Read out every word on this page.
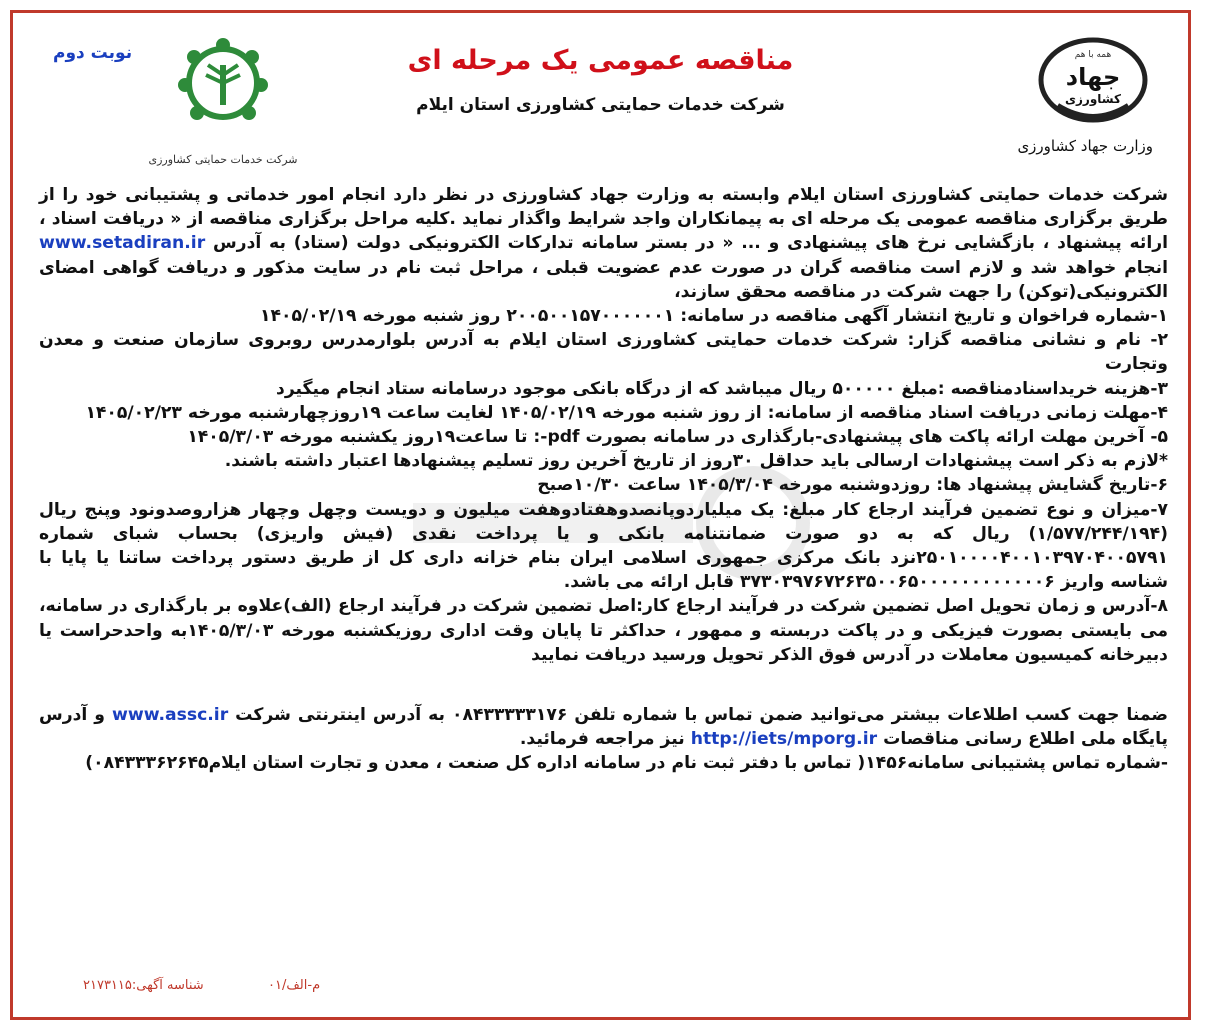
نوبت دوم
شرکت خدمات حمایتی کشاورزی
مناقصه عمومی یک مرحله ای
شرکت خدمات حمایتی کشاورزی استان ایلام
همه با هم
جهاد
کشاورزی
وزارت جهاد کشاورزی

شرکت خدمات حمایتی کشاورزی استان ایلام وابسته به وزارت جهاد کشاورزی در نظر دارد انجام امور خدماتی و پشتیبانی خود را از طریق برگزاری مناقصه عمومی یک مرحله ای به پیمانکاران واجد شرایط واگذار نماید .کلیه مراحل برگزاری مناقصه از « دریافت اسناد ، ارائه پیشنهاد ، بازگشایی نرخ های پیشنهادی و ... « در بستر سامانه تدارکات الکترونیکی دولت (ستاد) به آدرس www.setadiran.ir انجام خواهد شد و لازم است مناقصه گران در صورت عدم عضویت قبلی ، مراحل ثبت نام در سایت مذکور و دریافت گواهی امضای الکترونیکی(توکن) را جهت شرکت در مناقصه محقق سازند،

۱-شماره فراخوان و تاریخ انتشار آگهی مناقصه در سامانه: ۲۰۰۵۰۰۱۵۷۰۰۰۰۰۰۱ روز شنبه مورخه ۱۴۰۵/۰۲/۱۹

۲- نام و نشانی مناقصه گزار: شرکت خدمات حمایتی کشاورزی استان ایلام به آدرس بلوارمدرس روبروی سازمان صنعت و معدن وتجارت

۳-هزینه خریداسنادمناقصه :مبلغ ۵۰۰۰۰۰ ریال میباشد که از درگاه بانکی موجود درسامانه ستاد انجام میگیرد

۴-مهلت زمانی دریافت اسناد مناقصه از سامانه: از روز شنبه مورخه ۱۴۰۵/۰۲/۱۹ لغایت ساعت ۱۹روزچهارشنبه مورخه ۱۴۰۵/۰۲/۲۳

۵- آخرین مهلت ارائه پاکت های پیشنهادی-بارگذاری در سامانه بصورت pdf-: تا ساعت۱۹روز یکشنبه مورخه ۱۴۰۵/۳/۰۳

*لازم به ذکر است پیشنهادات ارسالی باید حداقل ۳۰روز از تاریخ آخرین روز تسلیم پیشنهادها اعتبار داشته باشند.

۶-تاریخ گشایش پیشنهاد ها: روزدوشنبه مورخه ۱۴۰۵/۳/۰۴ ساعت ۱۰/۳۰صبح

۷-میزان و نوع تضمین فرآیند ارجاع کار مبلغ: یک میلیاردوپانصدوهفتادوهفت میلیون و دویست وچهل وچهار هزاروصدونود وپنج ریال (۱/۵۷۷/۲۴۴/۱۹۴) ریال که به دو صورت ضمانتنامه بانکی و یا پرداخت نقدی (فیش واریزی) بحساب شبای شماره ۲۵۰۱۰۰۰۰۴۰۰۱۰۳۹۷۰۴۰۰۵۷۹۱نزد بانک مرکزی جمهوری اسلامی ایران بنام خزانه داری کل از طریق دستور پرداخت ساتنا یا پایا با شناسه واریز ۳۷۳۰۳۹۷۶۷۲۶۳۵۰۰۶۵۰۰۰۰۰۰۰۰۰۰۰۰۶ قابل ارائه می باشد.

۸-آدرس و زمان تحویل اصل تضمین شرکت در فرآیند ارجاع کار:اصل تضمین شرکت در فرآیند ارجاع (الف)علاوه بر بارگذاری در سامانه، می بایستی بصورت فیزیکی و در پاکت دربسته و ممهور ، حداکثر تا پایان وقت اداری روزیکشنبه مورخه ۱۴۰۵/۳/۰۳به واحدحراست یا دبیرخانه کمیسیون معاملات در آدرس فوق الذکر تحویل ورسید دریافت نمایید

ضمنا جهت کسب اطلاعات بیشتر می‌توانید ضمن تماس با شماره تلفن ۰۸۴۳۳۳۳۳۱۷۶ به آدرس اینترنتی شرکت www.assc.ir و آدرس پایگاه ملی اطلاع رسانی مناقصات http://iets/mporg.ir نیز مراجعه فرمائید.

-شماره تماس پشتیبانی سامانه۱۴۵۶( تماس با دفتر ثبت نام در سامانه اداره کل صنعت ، معدن و تجارت استان ایلام۰۸۴۳۳۳۶۲۶۴۵)

شناسه آگهی:۲۱۷۳۱۱۵	م-الف/۰۱
